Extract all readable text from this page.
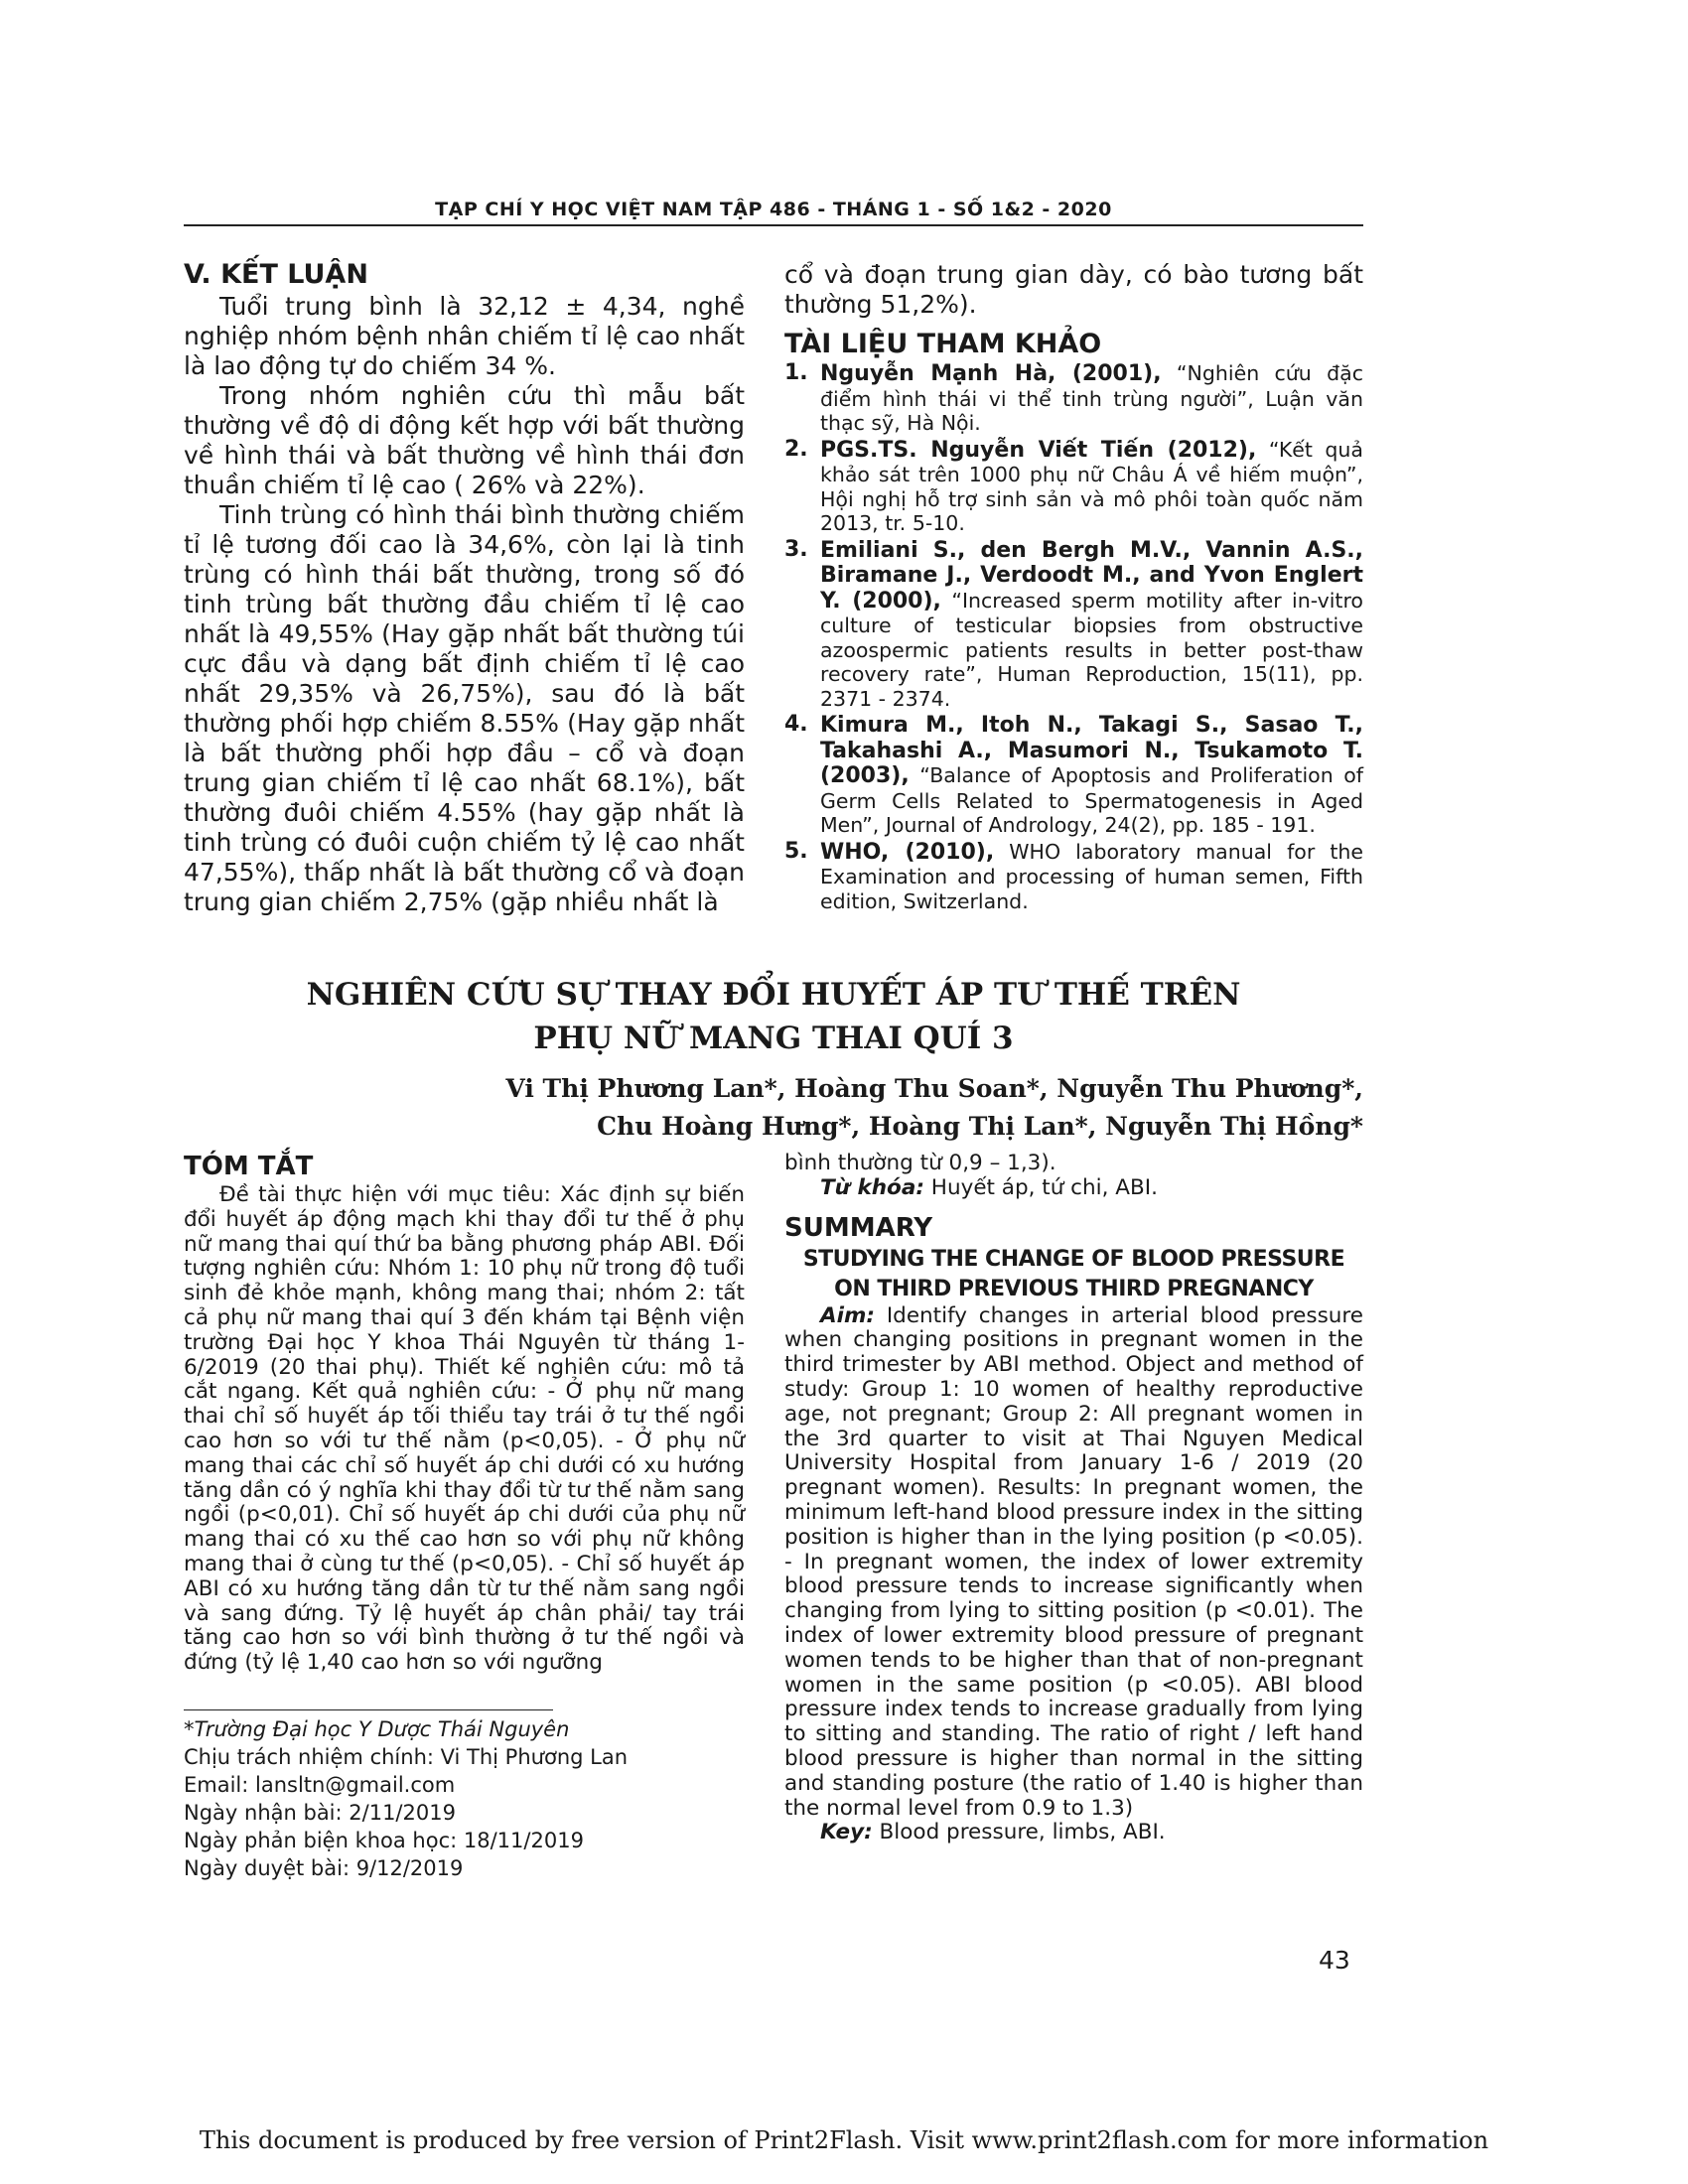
TẠP CHÍ Y HỌC VIỆT NAM TẬP 486 - THÁNG 1 - SỐ 1&2 - 2020
V. KẾT LUẬN

Tuổi trung bình là 32,12 ± 4,34, nghề nghiệp nhóm bệnh nhân chiếm tỉ lệ cao nhất là lao động tự do chiếm 34 %.

Trong nhóm nghiên cứu thì mẫu bất thường về độ di động kết hợp với bất thường về hình thái và bất thường về hình thái đơn thuần chiếm tỉ lệ cao ( 26% và 22%).

Tinh trùng có hình thái bình thường chiếm tỉ lệ tương đối cao là 34,6%, còn lại là tinh trùng có hình thái bất thường, trong số đó tinh trùng bất thường đầu chiếm tỉ lệ cao nhất là 49,55% (Hay gặp nhất bất thường túi cực đầu và dạng bất định chiếm tỉ lệ cao nhất 29,35% và 26,75%), sau đó là bất thường phối hợp chiếm 8.55% (Hay gặp nhất là bất thường phối hợp đầu – cổ và đoạn trung gian chiếm tỉ lệ cao nhất 68.1%), bất thường đuôi chiếm 4.55% (hay gặp nhất là tinh trùng có đuôi cuộn chiếm tỷ lệ cao nhất 47,55%), thấp nhất là bất thường cổ và đoạn trung gian chiếm 2,75% (gặp nhiều nhất là

cổ và đoạn trung gian dày, có bào tương bất thường 51,2%).

TÀI LIỆU THAM KHẢO
1. Nguyễn Mạnh Hà, (2001), “Nghiên cứu đặc điểm hình thái vi thể tinh trùng người”, Luận văn thạc sỹ, Hà Nội.
2. PGS.TS. Nguyễn Viết Tiến (2012), “Kết quả khảo sát trên 1000 phụ nữ Châu Á về hiếm muộn”, Hội nghị hỗ trợ sinh sản và mô phôi toàn quốc năm 2013, tr. 5-10.
3. Emiliani S., den Bergh M.V., Vannin A.S., Biramane J., Verdoodt M., and Yvon Englert Y. (2000), “Increased sperm motility after in-vitro culture of testicular biopsies from obstructive azoospermic patients results in better post-thaw recovery rate”, Human Reproduction, 15(11), pp. 2371 - 2374.
4. Kimura M., Itoh N., Takagi S., Sasao T., Takahashi A., Masumori N., Tsukamoto T. (2003), “Balance of Apoptosis and Proliferation of Germ Cells Related to Spermatogenesis in Aged Men”, Journal of Andrology, 24(2), pp. 185 - 191.
5. WHO, (2010), WHO laboratory manual for the Examination and processing of human semen, Fifth edition, Switzerland.
NGHIÊN CỨU SỰ THAY ĐỔI HUYẾT ÁP TƯ THẾ TRÊN
PHỤ NỮ MANG THAI QUÍ 3
Vi Thị Phương Lan*, Hoàng Thu Soan*, Nguyễn Thu Phương*,
Chu Hoàng Hưng*, Hoàng Thị Lan*, Nguyễn Thị Hồng*
TÓM TẮT

Đề tài thực hiện với mục tiêu: Xác định sự biến đổi huyết áp động mạch khi thay đổi tư thế ở phụ nữ mang thai quí thứ ba bằng phương pháp ABI. Đối tượng nghiên cứu: Nhóm 1: 10 phụ nữ trong độ tuổi sinh đẻ khỏe mạnh, không mang thai; nhóm 2: tất cả phụ nữ mang thai quí 3 đến khám tại Bệnh viện trường Đại học Y khoa Thái Nguyên từ tháng 1-6/2019 (20 thai phụ). Thiết kế nghiên cứu: mô tả cắt ngang. Kết quả nghiên cứu: - Ở phụ nữ mang thai chỉ số huyết áp tối thiểu tay trái ở tư thế ngồi cao hơn so với tư thế nằm (p<0,05). - Ở phụ nữ mang thai các chỉ số huyết áp chi dưới có xu hướng tăng dần có ý nghĩa khi thay đổi từ tư thế nằm sang ngồi (p<0,01). Chỉ số huyết áp chi dưới của phụ nữ mang thai có xu thế cao hơn so với phụ nữ không mang thai ở cùng tư thế (p<0,05). - Chỉ số huyết áp ABI có xu hướng tăng dần từ tư thế nằm sang ngồi và sang đứng. Tỷ lệ huyết áp chân phải/ tay trái tăng cao hơn so với bình thường ở tư thế ngồi và đứng (tỷ lệ 1,40 cao hơn so với ngưỡng

*Trường Đại học Y Dược Thái Nguyên
Chịu trách nhiệm chính: Vi Thị Phương Lan
Email: lansltn@gmail.com
Ngày nhận bài: 2/11/2019
Ngày phản biện khoa học: 18/11/2019
Ngày duyệt bài: 9/12/2019

bình thường từ 0,9 – 1,3).

Từ khóa: Huyết áp, tứ chi, ABI.

SUMMARY
STUDYING THE CHANGE OF BLOOD PRESSURE
ON THIRD PREVIOUS THIRD PREGNANCY

Aim: Identify changes in arterial blood pressure when changing positions in pregnant women in the third trimester by ABI method. Object and method of study: Group 1: 10 women of healthy reproductive age, not pregnant; Group 2: All pregnant women in the 3rd quarter to visit at Thai Nguyen Medical University Hospital from January 1-6 / 2019 (20 pregnant women). Results: In pregnant women, the minimum left-hand blood pressure index in the sitting position is higher than in the lying position (p <0.05). - In pregnant women, the index of lower extremity blood pressure tends to increase significantly when changing from lying to sitting position (p <0.01). The index of lower extremity blood pressure of pregnant women tends to be higher than that of non-pregnant women in the same position (p <0.05). ABI blood pressure index tends to increase gradually from lying to sitting and standing. The ratio of right / left hand blood pressure is higher than normal in the sitting and standing posture (the ratio of 1.40 is higher than the normal level from 0.9 to 1.3)

Key: Blood pressure, limbs, ABI.

43
This document is produced by free version of Print2Flash. Visit www.print2flash.com for more information
